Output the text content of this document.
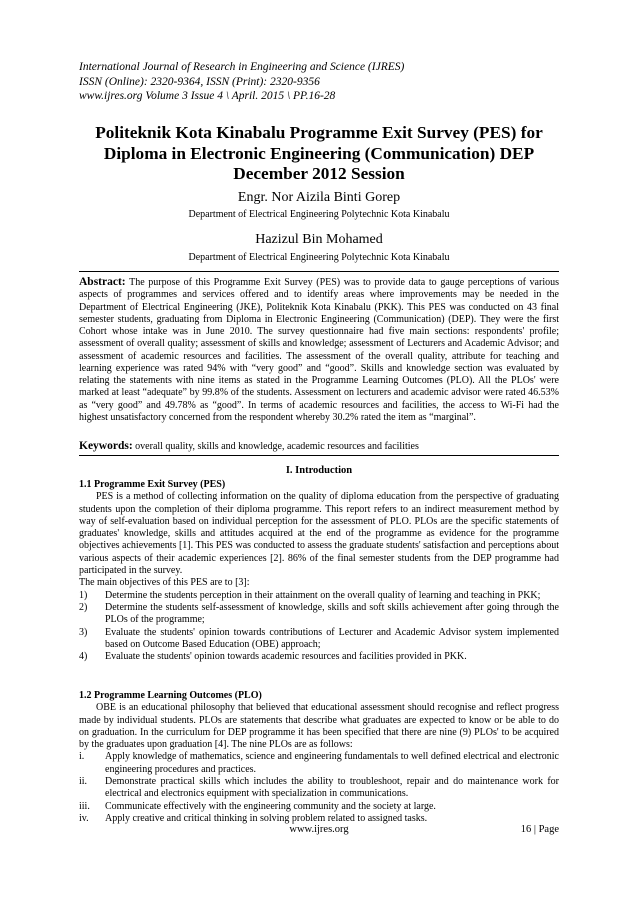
International Journal of Research in Engineering and Science (IJRES)
ISSN (Online): 2320-9364, ISSN (Print): 2320-9356
www.ijres.org Volume 3 Issue 4 \ April. 2015 \ PP.16-28
Politeknik Kota Kinabalu Programme Exit Survey (PES) for Diploma in Electronic Engineering (Communication) DEP December 2012 Session
Engr. Nor Aizila Binti Gorep
Department of Electrical Engineering Polytechnic Kota Kinabalu
Hazizul Bin Mohamed
Department of Electrical Engineering Polytechnic Kota Kinabalu
Abstract: The purpose of this Programme Exit Survey (PES) was to provide data to gauge perceptions of various aspects of programmes and services offered and to identify areas where improvements may be needed in the Department of Electrical Engineering (JKE), Politeknik Kota Kinabalu (PKK). This PES was conducted on 43 final semester students, graduating from Diploma in Electronic Engineering (Communication) (DEP). They were the first Cohort whose intake was in June 2010. The survey questionnaire had five main sections: respondents' profile; assessment of overall quality; assessment of skills and knowledge; assessment of Lecturers and Academic Advisor; and assessment of academic resources and facilities. The assessment of the overall quality, attribute for teaching and learning experience was rated 94% with “very good” and “good”. Skills and knowledge section was evaluated by relating the statements with nine items as stated in the Programme Learning Outcomes (PLO). All the PLOs' were marked at least “adequate” by 99.8% of the students. Assessment on lecturers and academic advisor were rated 46.53% as “very good” and 49.78% as “good”. In terms of academic resources and facilities, the access to Wi-Fi had the highest unsatisfactory concerned from the respondent whereby 30.2% rated the item as “marginal”.
Keywords: overall quality, skills and knowledge, academic resources and facilities
I. Introduction
1.1 Programme Exit Survey (PES)
PES is a method of collecting information on the quality of diploma education from the perspective of graduating students upon the completion of their diploma programme. This report refers to an indirect measurement method by way of self-evaluation based on individual perception for the assessment of PLO. PLOs are the specific statements of graduates' knowledge, skills and attitudes acquired at the end of the programme as evidence for the programme objectives achievements [1]. This PES was conducted to assess the graduate students' satisfaction and perceptions about various aspects of their academic experiences [2]. 86% of the final semester students from the DEP programme had participated in the survey.
The main objectives of this PES are to [3]:
1) Determine the students perception in their attainment on the overall quality of learning and teaching in PKK;
2) Determine the students self-assessment of knowledge, skills and soft skills achievement after going through the PLOs of the programme;
3) Evaluate the students' opinion towards contributions of Lecturer and Academic Advisor system implemented based on Outcome Based Education (OBE) approach;
4) Evaluate the students' opinion towards academic resources and facilities provided in PKK.
1.2 Programme Learning Outcomes (PLO)
OBE is an educational philosophy that believed that educational assessment should recognise and reflect progress made by individual students. PLOs are statements that describe what graduates are expected to know or be able to do on graduation. In the curriculum for DEP programme it has been specified that there are nine (9) PLOs' to be acquired by the graduates upon graduation [4]. The nine PLOs are as follows:
i. Apply knowledge of mathematics, science and engineering fundamentals to well defined electrical and electronic engineering procedures and practices.
ii. Demonstrate practical skills which includes the ability to troubleshoot, repair and do maintenance work for electrical and electronics equipment with specialization in communications.
iii. Communicate effectively with the engineering community and the society at large.
iv. Apply creative and critical thinking in solving problem related to assigned tasks.
www.ijres.org	16 | Page
